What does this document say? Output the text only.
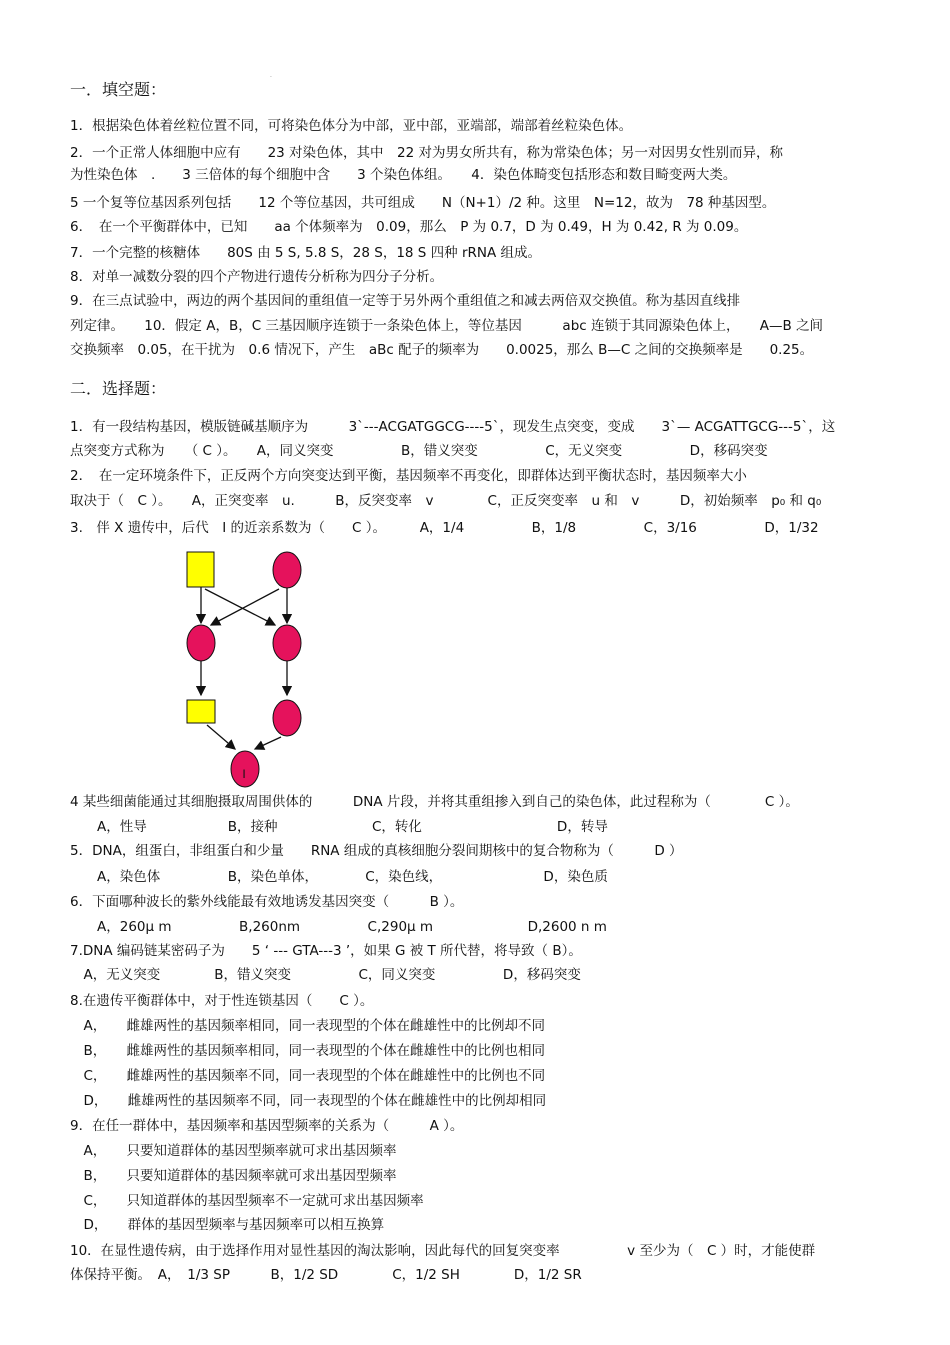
.
一．填空题：
1．根据染色体着丝粒位置不同，可将染色体分为中部，亚中部，亚端部，端部着丝粒染色体。
2．一个正常人体细胞中应有　　23 对染色体，其中　22 对为男女所共有，称为常染色体；另一对因男女性别而异，称
为性染色体　.　　3 三倍体的每个细胞中含　　3 个染色体组。　　4．染色体畸变包括形态和数目畸变两大类。
5 一个复等位基因系列包括　　12 个等位基因，共可组成　　N（N+1）/2 种。这里　N=12，故为　78 种基因型。
6．　在一个平衡群体中，已知　　aa 个体频率为　0.09，那么　P 为 0.7，D 为 0.49，H 为 0.42, R 为 0.09。
7．一个完整的核糖体　　80S 由 5 S, 5.8 S，28 S，18 S 四种 rRNA 组成。
8．对单一减数分裂的四个产物进行遗传分析称为四分子分析。
9．在三点试验中，两边的两个基因间的重组值一定等于另外两个重组值之和减去两倍双交换值。称为基因直线排
列定律。　　10．假定 A，B，C 三基因顺序连锁于一条染色体上，等位基因　　　abc 连锁于其同源染色体上，　　A—B 之间
交换频率　0.05，在干扰为　0.6 情况下，产生　aBc 配子的频率为　　0.0025，那么 B—C 之间的交换频率是　　0.25。
二．选择题：
1．有一段结构基因，模版链碱基顺序为　　　3`---ACGATGGCG----5`，现发生点突变，变成　　3`— ACGATTGCG---5`，这
点突变方式称为　　（ C ）。　　A，同义突变　　　　　B，错义突变　　　　　C，无义突变　　　　　D，移码突变
2．　在一定环境条件下，正反两个方向突变达到平衡，基因频率不再变化，即群体达到平衡状态时，基因频率大小
取决于（　C ）。　　A，正突变率　u.　　　B，反突变率　v　　　　C，正反突变率　u 和　v　　　D，初始频率　p₀ 和 q₀
3.　伴 X 遗传中，后代　I 的近亲系数为（　　C ）。　　　A，1/4　　　　　B，1/8　　　　　C，3/16　　　　　D，1/32
I
4 某些细菌能通过其细胞摄取周围供体的　　　DNA 片段，并将其重组掺入到自己的染色体，此过程称为（　　　　C ）。
　　A，性导　　　　　　B，接种　　　　　　　C，转化　　　　　　　　　　D，转导
5．DNA，组蛋白，非组蛋白和少量　　RNA 组成的真核细胞分裂间期核中的复合物称为（　　　D ）
　　A，染色体　　　　　B，染色单体，　　　　C，染色线，　　　　　　　　D，染色质
6．下面哪种波长的紫外线能最有效地诱发基因突变（　　　B ）。
　　A，260μ m　　　　　B,260nm　　　　　C,290μ m　　　　　　　D,2600 n m
7.DNA 编码链某密码子为　　5 ‘ --- GTA---3 ’，如果 G 被 T 所代替，将导致（ B）。
　A，无义突变　　　　B，错义突变　　　　　C，同义突变　　　　　D，移码突变
8.在遗传平衡群体中，对于性连锁基因（　　C ）。
　A，　　雌雄两性的基因频率相同，同一表现型的个体在雌雄性中的比例却不同
　B，　　雌雄两性的基因频率相同，同一表现型的个体在雌雄性中的比例也相同
　C，　　雌雄两性的基因频率不同，同一表现型的个体在雌雄性中的比例也不同
　D，　　雌雄两性的基因频率不同，同一表现型的个体在雌雄性中的比例却相同
9．在任一群体中，基因频率和基因型频率的关系为（　　　A ）。
　A，　　只要知道群体的基因型频率就可求出基因频率
　B，　　只要知道群体的基因频率就可求出基因型频率
　C，　　只知道群体的基因型频率不一定就可求出基因频率
　D，　　群体的基因型频率与基因频率可以相互换算
10．在显性遗传病，由于选择作用对显性基因的淘汰影响，因此每代的回复突变率　　　　　v 至少为（　C ）时，才能使群
体保持平衡。　A，　1/3 SP　　　B，1/2 SD　　　　C，1/2 SH　　　　D，1/2 SR
